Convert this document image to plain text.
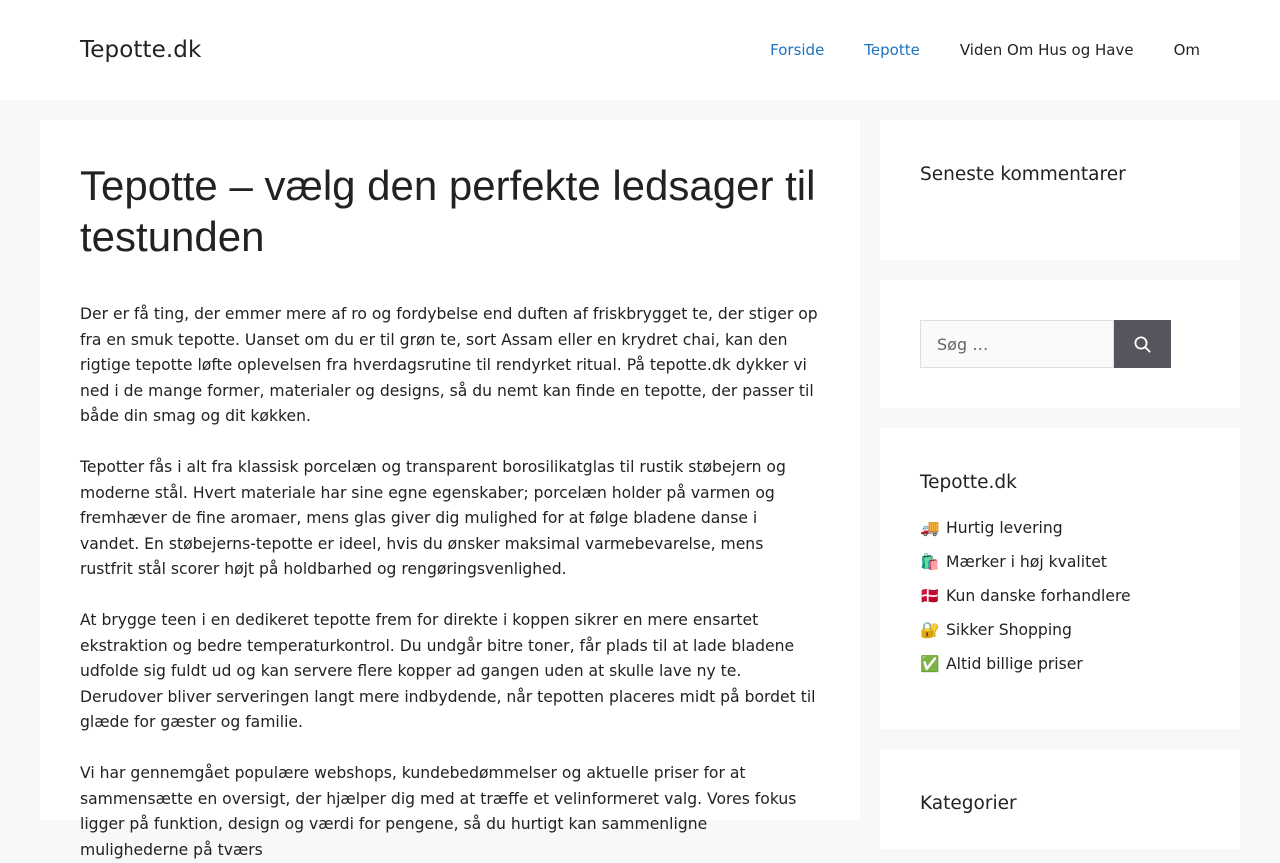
Tepotte.dk	Forside	Tepotte	Viden Om Hus og Have	Om
Tepotte – vælg den perfekte ledsager til testunden

Der er få ting, der emmer mere af ro og fordybelse end duften af friskbrygget te, der stiger op fra en smuk tepotte. Uanset om du er til grøn te, sort Assam eller en krydret chai, kan den rigtige tepotte løfte oplevelsen fra hverdagsrutine til rendyrket ritual. På tepotte.dk dykker vi ned i de mange former, materialer og designs, så du nemt kan finde en tepotte, der passer til både din smag og dit køkken.

Tepotter fås i alt fra klassisk porcelæn og transparent borosilikatglas til rustik støbejern og moderne stål. Hvert materiale har sine egne egenskaber; porcelæn holder på varmen og fremhæver de fine aromaer, mens glas giver dig mulighed for at følge bladene danse i vandet. En støbejerns-tepotte er ideel, hvis du ønsker maksimal varmebevarelse, mens rustfrit stål scorer højt på holdbarhed og rengøringsvenlighed.

At brygge teen i en dedikeret tepotte frem for direkte i koppen sikrer en mere ensartet ekstraktion og bedre temperaturkontrol. Du undgår bitre toner, får plads til at lade bladene udfolde sig fuldt ud og kan servere flere kopper ad gangen uden at skulle lave ny te. Derudover bliver serveringen langt mere indbydende, når tepotten placeres midt på bordet til glæde for gæster og familie.

Vi har gennemgået populære webshops, kundebedømmelser og aktuelle priser for at sammensætte en oversigt, der hjælper dig med at træffe et velinformeret valg. Vores fokus ligger på funktion, design og værdi for pengene, så du hurtigt kan sammenligne mulighederne på tværs

Seneste kommentarer
Søg …
Tepotte.dk
🚚 Hurtig levering
🛍️ Mærker i høj kvalitet
🇩🇰 Kun danske forhandlere
🔐 Sikker Shopping
✅ Altid billige priser
Kategorier
